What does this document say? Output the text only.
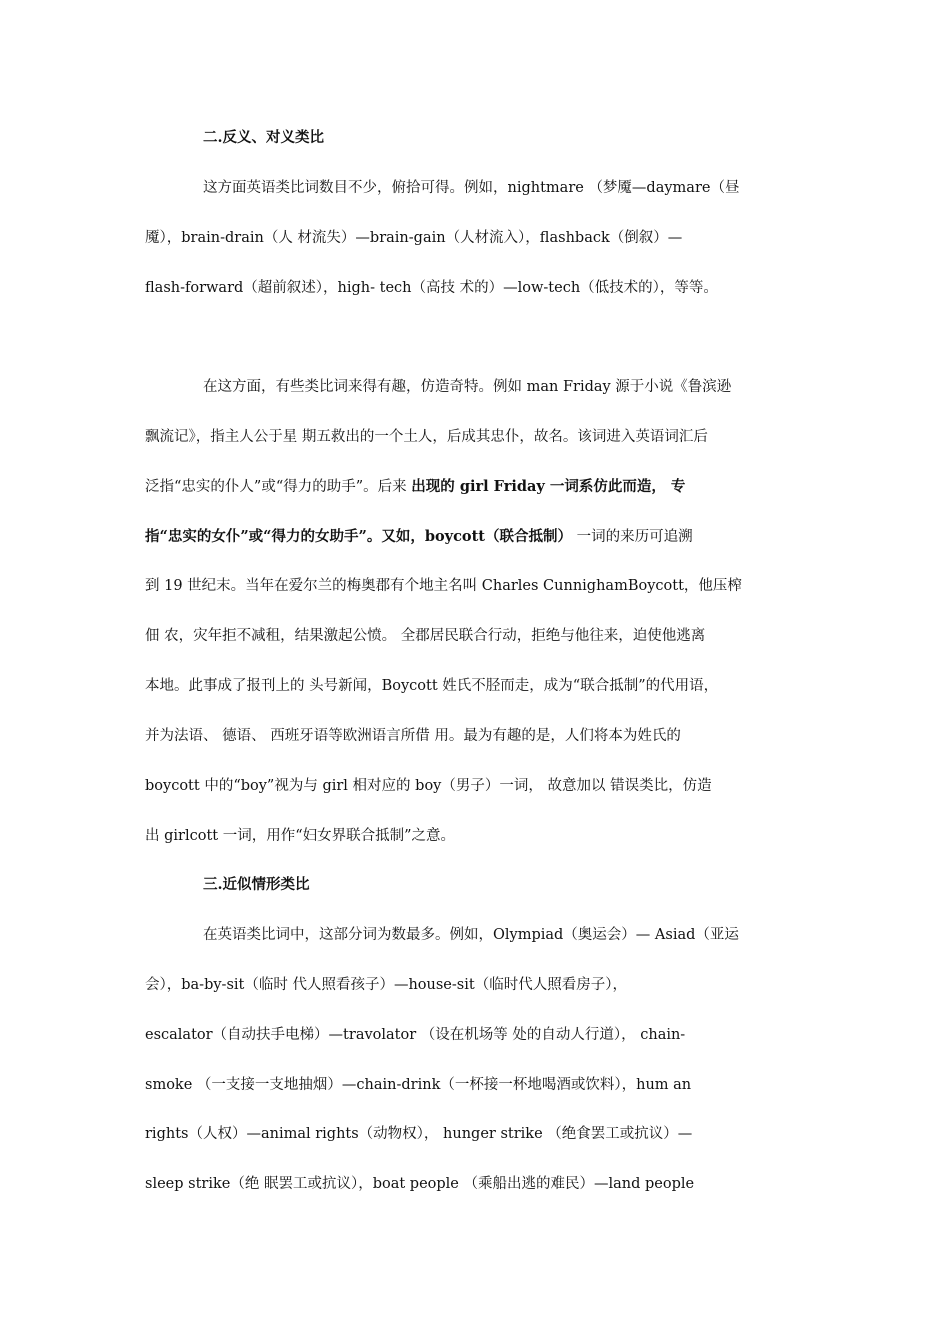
二.反义、对义类比
这方面英语类比词数目不少，俯拾可得。例如，nightmare （梦魇—daymare（昼
魇），brain-drain（人 材流失）—brain-gain（人材流入），flashback（倒叙）—
flash-forward（超前叙述），high- tech（高技 术的）—low-tech（低技术的），等等。
在这方面，有些类比词来得有趣，仿造奇特。例如 man Friday 源于小说《鲁滨逊
飘流记》，指主人公于星 期五救出的一个土人，后成其忠仆，故名。该词进入英语词汇后
泛指“忠实的仆人”或“得力的助手”。后来 出现的 girl Friday 一词系仿此而造， 专
指“忠实的女仆”或“得力的女助手”。又如，boycott（联合抵制） 一词的来历可追溯
到 19 世纪末。当年在爱尔兰的梅奥郡有个地主名叫 Charles CunnighamBoycott，他压榨
佃 农，灾年拒不减租，结果激起公愤。 全郡居民联合行动，拒绝与他往来，迫使他逃离
本地。此事成了报刊上的 头号新闻，Boycott 姓氏不胫而走，成为“联合抵制”的代用语，
并为法语、 德语、 西班牙语等欧洲语言所借 用。最为有趣的是，人们将本为姓氏的
boycott 中的“boy”视为与 girl 相对应的 boy（男子）一词， 故意加以 错误类比，仿造
出 girlcott 一词，用作“妇女界联合抵制”之意。
三.近似情形类比
在英语类比词中，这部分词为数最多。例如，Olympiad（奥运会）— Asiad（亚运
会），ba-by-sit（临时 代人照看孩子）—house-sit（临时代人照看房子），
escalator（自动扶手电梯）—travolator （设在机场等 处的自动人行道）， chain-
smoke （一支接一支地抽烟）—chain-drink（一杯接一杯地喝酒或饮料），hum an
rights（人权）—animal rights（动物权）， hunger strike （绝食罢工或抗议）—
sleep strike（绝 眠罢工或抗议），boat people （乘船出逃的难民）—land people
